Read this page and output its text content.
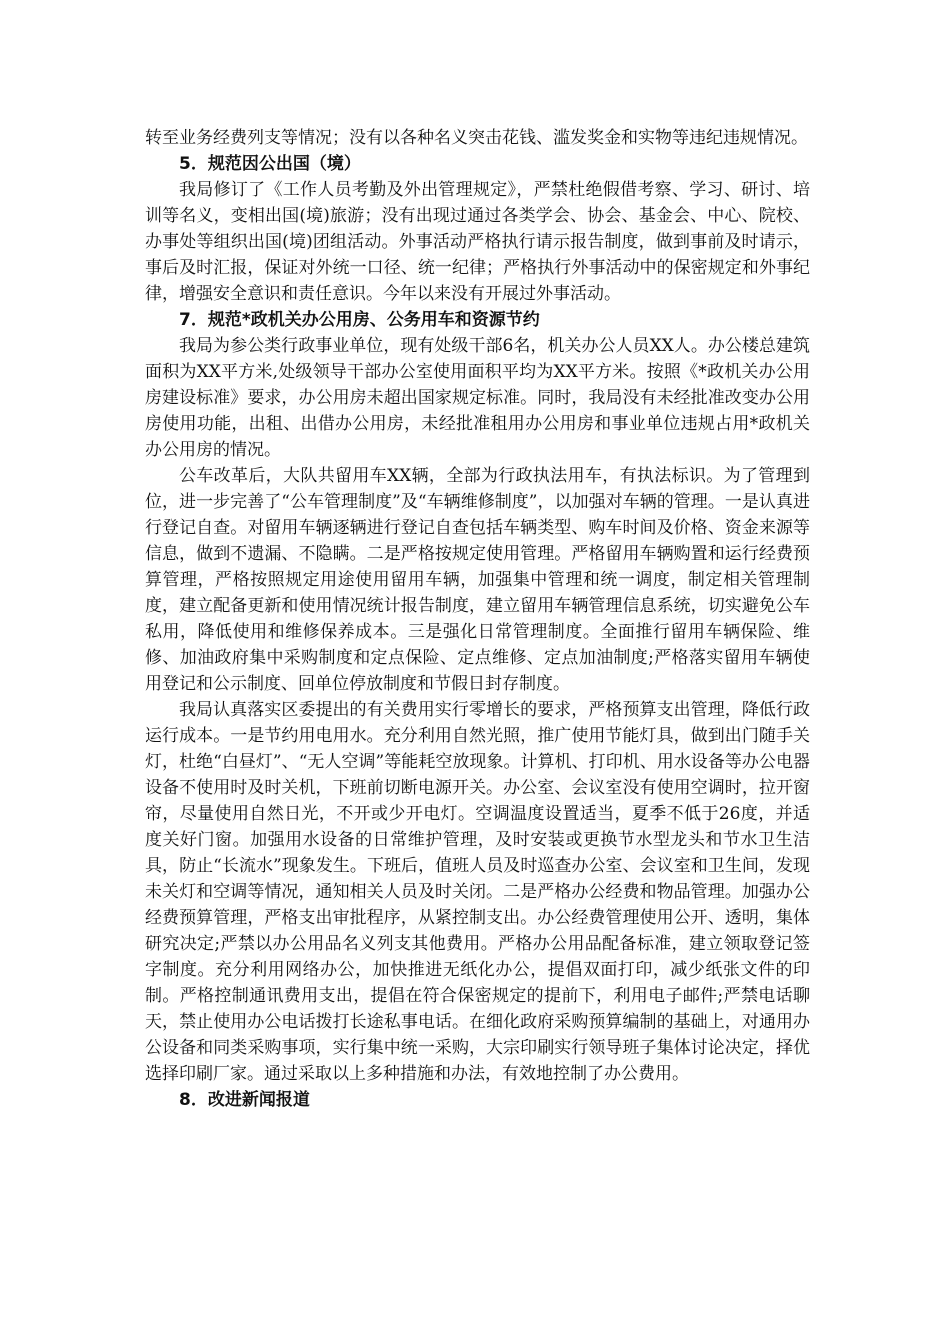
转至业务经费列支等情况；没有以各种名义突击花钱、滥发奖金和实物等违纪违规情况。

5．规范因公出国（境）

我局修订了《工作人员考勤及外出管理规定》，严禁杜绝假借考察、学习、研讨、培训等名义，变相出国(境)旅游；没有出现过通过各类学会、协会、基金会、中心、院校、办事处等组织出国(境)团组活动。外事活动严格执行请示报告制度，做到事前及时请示，事后及时汇报，保证对外统一口径、统一纪律；严格执行外事活动中的保密规定和外事纪律，增强安全意识和责任意识。今年以来没有开展过外事活动。

7．规范*政机关办公用房、公务用车和资源节约

我局为参公类行政事业单位，现有处级干部6名，机关办公人员XX人。办公楼总建筑面积为XX平方米,处级领导干部办公室使用面积平均为XX平方米。按照《*政机关办公用房建设标准》要求，办公用房未超出国家规定标准。同时，我局没有未经批准改变办公用房使用功能，出租、出借办公用房，未经批准租用办公用房和事业单位违规占用*政机关办公用房的情况。

公车改革后，大队共留用车XX辆，全部为行政执法用车，有执法标识。为了管理到位，进一步完善了“公车管理制度”及“车辆维修制度”，以加强对车辆的管理。一是认真进行登记自查。对留用车辆逐辆进行登记自查包括车辆类型、购车时间及价格、资金来源等信息，做到不遗漏、不隐瞒。二是严格按规定使用管理。严格留用车辆购置和运行经费预算管理，严格按照规定用途使用留用车辆，加强集中管理和统一调度，制定相关管理制度，建立配备更新和使用情况统计报告制度，建立留用车辆管理信息系统，切实避免公车私用，降低使用和维修保养成本。三是强化日常管理制度。全面推行留用车辆保险、维修、加油政府集中采购制度和定点保险、定点维修、定点加油制度;严格落实留用车辆使用登记和公示制度、回单位停放制度和节假日封存制度。

我局认真落实区委提出的有关费用实行零增长的要求，严格预算支出管理，降低行政运行成本。一是节约用电用水。充分利用自然光照，推广使用节能灯具，做到出门随手关灯，杜绝“白昼灯”、“无人空调”等能耗空放现象。计算机、打印机、用水设备等办公电器设备不使用时及时关机，下班前切断电源开关。办公室、会议室没有使用空调时，拉开窗帘，尽量使用自然日光，不开或少开电灯。空调温度设置适当，夏季不低于26度，并适度关好门窗。加强用水设备的日常维护管理，及时安装或更换节水型龙头和节水卫生洁具，防止“长流水”现象发生。下班后，值班人员及时巡查办公室、会议室和卫生间，发现未关灯和空调等情况，通知相关人员及时关闭。二是严格办公经费和物品管理。加强办公经费预算管理，严格支出审批程序，从紧控制支出。办公经费管理使用公开、透明，集体研究决定;严禁以办公用品名义列支其他费用。严格办公用品配备标准，建立领取登记签字制度。充分利用网络办公，加快推进无纸化办公，提倡双面打印，减少纸张文件的印制。严格控制通讯费用支出，提倡在符合保密规定的提前下，利用电子邮件;严禁电话聊天，禁止使用办公电话拨打长途私事电话。在细化政府采购预算编制的基础上，对通用办公设备和同类采购事项，实行集中统一采购，大宗印刷实行领导班子集体讨论决定，择优选择印刷厂家。通过采取以上多种措施和办法，有效地控制了办公费用。

8．改进新闻报道
